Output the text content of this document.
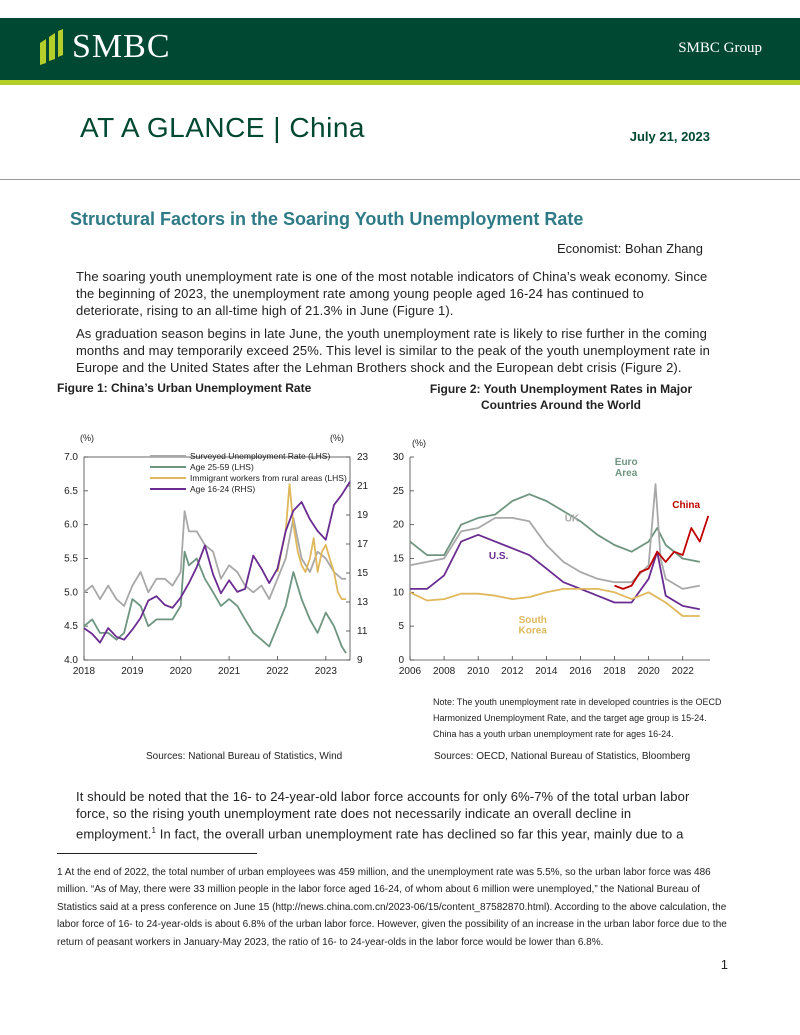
SMBC	SMBC Group
AT A GLANCE | China	July 21, 2023
Structural Factors in the Soaring Youth Unemployment Rate
Economist: Bohan Zhang

The soaring youth unemployment rate is one of the most notable indicators of China’s weak economy. Since the beginning of 2023, the unemployment rate among young people aged 16-24 has continued to deteriorate, rising to an all-time high of 21.3% in June (Figure 1).

As graduation season begins in late June, the youth unemployment rate is likely to rise further in the coming months and may temporarily exceed 25%. This level is similar to the peak of the youth unemployment rate in Europe and the United States after the Lehman Brothers shock and the European debt crisis (Figure 2).

Figure 1: China’s Urban Unemployment Rate	Figure 2: Youth Unemployment Rates in Major
Countries Around the World
(%)	(%)
7.0
6.5
6.0
5.5
5.0
4.5
4.0
23
21
19
17
15
13
11
9
2018	2019	2020	2021	2022	2023
Surveyed Unemployment Rate (LHS)
Age 25-59 (LHS)
Immigrant workers from rural areas (LHS)
Age 16-24 (RHS)
(%)
30
25
20
15
10
5
0
2006 2008 2010 2012 2014 2016 2018 2020 2022
Euro
Area
UK
U.S.
South
Korea
China
Note: The youth unemployment rate in developed countries is the OECD Harmonized Unemployment Rate, and the target age group is 15-24. China has a youth urban unemployment rate for ages 16-24.
Sources: National Bureau of Statistics, Wind	Sources: OECD, National Bureau of Statistics, Bloomberg

It should be noted that the 16- to 24-year-old labor force accounts for only 6%-7% of the total urban labor force, so the rising youth unemployment rate does not necessarily indicate an overall decline in employment.$^1$ In fact, the overall urban unemployment rate has declined so far this year, mainly due to a

1 At the end of 2022, the total number of urban employees was 459 million, and the unemployment rate was 5.5%, so the urban labor force was 486 million. “As of May, there were 33 million people in the labor force aged 16-24, of whom about 6 million were unemployed,” the National Bureau of Statistics said at a press conference on June 15 (http://news.china.com.cn/2023-06/15/content_87582870.html). According to the above calculation, the labor force of 16- to 24-year-olds is about 6.8% of the urban labor force. However, given the possibility of an increase in the urban labor force due to the return of peasant workers in January-May 2023, the ratio of 16- to 24-year-olds in the labor force would be lower than 6.8%.
1
